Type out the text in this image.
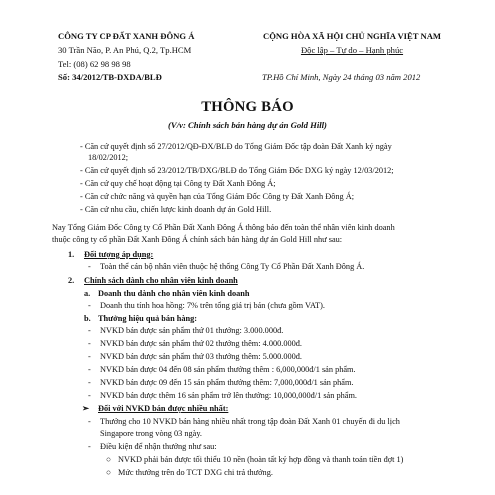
CÔNG TY CP ĐẤT XANH ĐÔNG Á
30 Trần Não, P. An Phú, Q.2, Tp.HCM
Tel: (08) 62 98 98 98
Số: 34/2012/TB-DXDA/BLĐ
CỘNG HÒA XÃ HỘI CHỦ NGHĨA VIỆT NAM
Độc lập – Tự do – Hạnh phúc
TP.Hồ Chí Minh, Ngày 24 tháng 03 năm 2012
THÔNG BÁO
(V/v: Chính sách bán hàng dự án Gold Hill)
- Căn cứ quyết định số 27/2012/QĐ-ĐX/BLĐ do Tổng Giám Đốc tập đoàn Đất Xanh ký ngày
18/02/2012;
- Căn cứ quyết định số 23/2012/TB/DXG/BLĐ do Tổng Giám Đốc DXG ký ngày 12/03/2012;
- Căn cứ quy chế hoạt động tại Công ty Đất Xanh Đông Á;
- Căn cứ chức năng và quyền hạn của Tổng Giám Đốc Công ty Đất Xanh Đông Á;
- Căn cứ nhu cầu, chiến lược kinh doanh dự án Gold Hill.
Nay Tổng Giám Đốc Công ty Cổ Phần Đất Xanh Đông Á thông báo đến toàn thể nhân viên kinh doanh
thuộc công ty cổ phần Đất Xanh Đông Á chính sách bán hàng dự án Gold Hill như sau:
1. Đối tượng áp dụng:
- Toàn thể cán bộ nhân viên thuộc hệ thống Công Ty Cổ Phần Đất Xanh Đông Á.
2. Chính sách dành cho nhân viên kinh doanh
a. Doanh thu dành cho nhân viên kinh doanh
- Doanh thu tính hoa hồng: 7% trên tổng giá trị bán (chưa gồm VAT).
b. Thưởng hiệu quả bán hàng:
- NVKD bán được sản phẩm thứ 01 thưởng: 3.000.000đ.
- NVKD bán được sản phẩm thứ 02 thưởng thêm: 4.000.000đ.
- NVKD bán được sản phẩm thứ 03 thưởng thêm: 5.000.000đ.
- NVKD bán được 04 đến 08 sản phẩm thưởng thêm : 6,000,000đ/1 sản phẩm.
- NVKD bán được 09 đến 15 sản phẩm thưởng thêm: 7,000,000đ/1 sản phẩm.
- NVKD bán được thêm 16 sản phẩm trở lên thưởng: 10,000,000đ/1 sản phẩm.
➢ Đối với NVKD bán được nhiều nhất:
- Thưởng cho 10 NVKD bán hàng nhiều nhất trong tập đoàn Đất Xanh 01 chuyến đi du lịch
Singapore trong vòng 03 ngày.
- Điều kiện để nhận thưởng như sau:
○ NVKD phải bán được tối thiểu 10 nền (hoàn tất ký hợp đồng và thanh toán tiền đợt 1)
○ Mức thưởng trên do TCT DXG chi trả thưởng.
